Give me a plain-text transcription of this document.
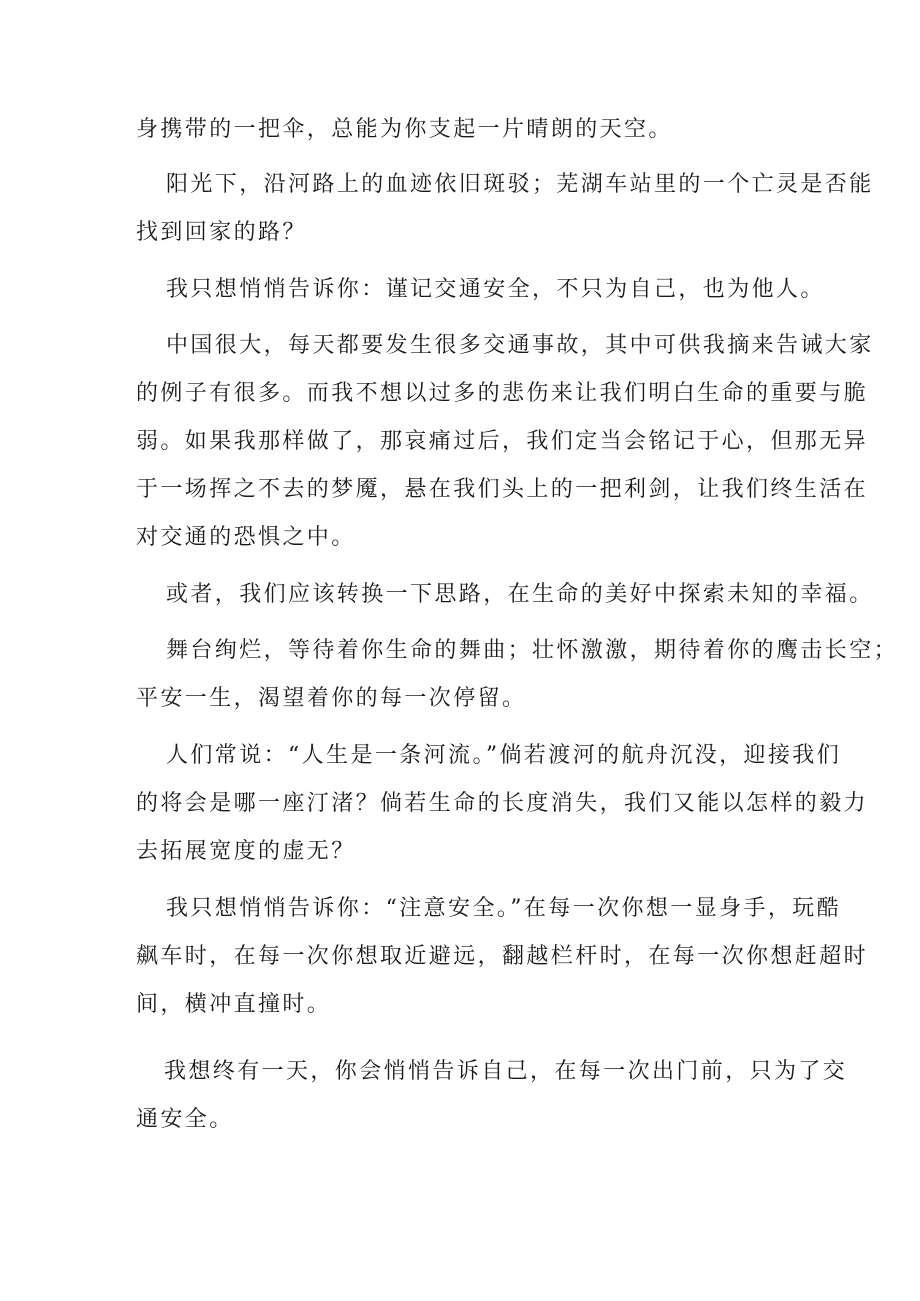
身携带的一把伞，总能为你支起一片晴朗的天空。

阳光下，沿河路上的血迹依旧斑驳；芜湖车站里的一个亡灵是否能

找到回家的路？

我只想悄悄告诉你：谨记交通安全，不只为自己，也为他人。

中国很大，每天都要发生很多交通事故，其中可供我摘来告诫大家

的例子有很多。而我不想以过多的悲伤来让我们明白生命的重要与脆

弱。如果我那样做了，那哀痛过后，我们定当会铭记于心，但那无异

于一场挥之不去的梦魇，悬在我们头上的一把利剑，让我们终生活在

对交通的恐惧之中。

或者，我们应该转换一下思路，在生命的美好中探索未知的幸福。

舞台绚烂，等待着你生命的舞曲；壮怀激激，期待着你的鹰击长空；

平安一生，渴望着你的每一次停留。

人们常说：“人生是一条河流。”倘若渡河的航舟沉没，迎接我们

的将会是哪一座汀渚？倘若生命的长度消失，我们又能以怎样的毅力

去拓展宽度的虚无？

我只想悄悄告诉你：“注意安全。”在每一次你想一显身手，玩酷

飙车时，在每一次你想取近避远，翻越栏杆时，在每一次你想赶超时

间，横冲直撞时。

我想终有一天，你会悄悄告诉自己，在每一次出门前，只为了交

通安全。
